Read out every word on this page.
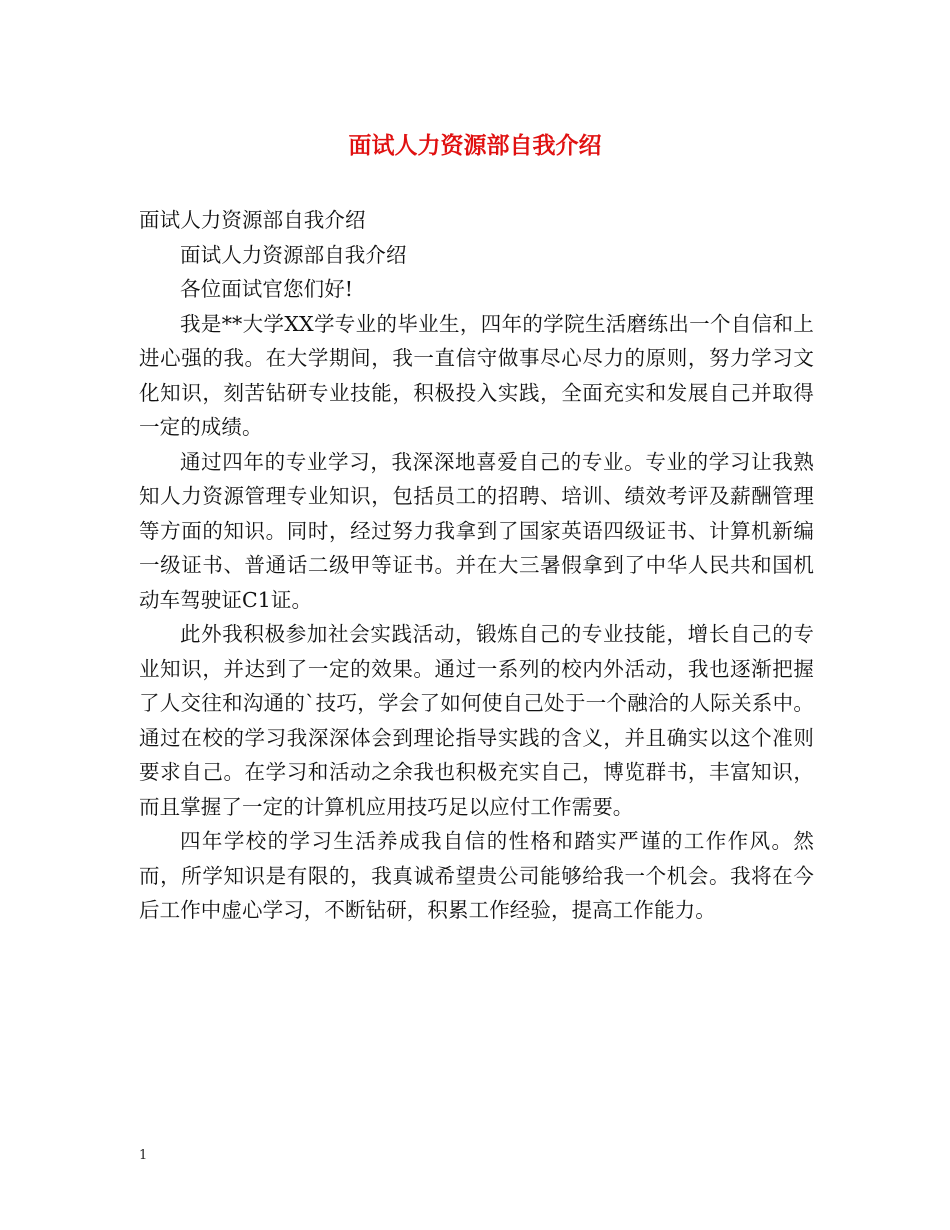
面试人力资源部自我介绍

面试人力资源部自我介绍

面试人力资源部自我介绍

各位面试官您们好!

我是**大学XX学专业的毕业生，四年的学院生活磨练出一个自信和上进心强的我。在大学期间，我一直信守做事尽心尽力的原则，努力学习文化知识，刻苦钻研专业技能，积极投入实践，全面充实和发展自己并取得一定的成绩。

通过四年的专业学习，我深深地喜爱自己的专业。专业的学习让我熟知人力资源管理专业知识，包括员工的招聘、培训、绩效考评及薪酬管理等方面的知识。同时，经过努力我拿到了国家英语四级证书、计算机新编一级证书、普通话二级甲等证书。并在大三暑假拿到了中华人民共和国机动车驾驶证C1证。

此外我积极参加社会实践活动，锻炼自己的专业技能，增长自己的专业知识，并达到了一定的效果。通过一系列的校内外活动，我也逐渐把握了人交往和沟通的`技巧，学会了如何使自己处于一个融洽的人际关系中。通过在校的学习我深深体会到理论指导实践的含义，并且确实以这个准则要求自己。在学习和活动之余我也积极充实自己，博览群书，丰富知识，而且掌握了一定的计算机应用技巧足以应付工作需要。

四年学校的学习生活养成我自信的性格和踏实严谨的工作作风。然而，所学知识是有限的，我真诚希望贵公司能够给我一个机会。我将在今后工作中虚心学习，不断钻研，积累工作经验，提高工作能力。

1
